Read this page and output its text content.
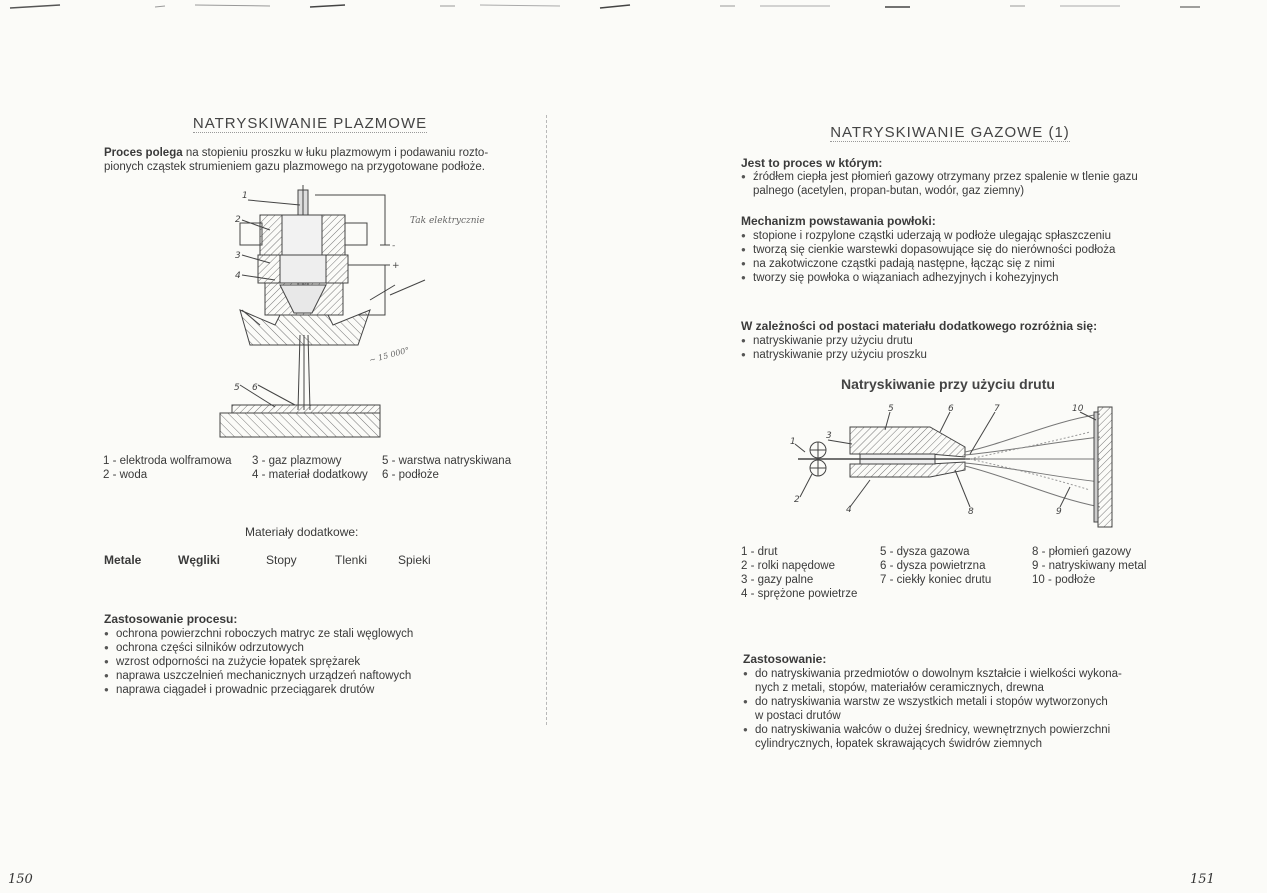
NATRYSKIWANIE PLAZMOWE
Proces polega na stopieniu proszku w łuku plazmowym i podawaniu rozto-
pionych cząstek strumieniem gazu plazmowego na przygotowane podłoże.
1
2
3
4
5 6
+
-
Tak elektrycznie
~ 15 000°
1 - elektroda wolframowa
2 - woda
3 - gaz plazmowy
4 - materiał dodatkowy
5 - warstwa natryskiwana
6 - podłoże
Materiały dodatkowe:
Metale	Węgliki	Stopy	Tlenki	Spieki
Zastosowanie procesu:
● ochrona powierzchni roboczych matryc ze stali węglowych
● ochrona części silników odrzutowych
● wzrost odporności na zużycie łopatek sprężarek
● naprawa uszczelnień mechanicznych urządzeń naftowych
● naprawa ciągadeł i prowadnic przeciągarek drutów
NATRYSKIWANIE GAZOWE (1)
Jest to proces w którym:
● źródłem ciepła jest płomień gazowy otrzymany przez spalenie w tlenie gazu
palnego (acetylen, propan-butan, wodór, gaz ziemny)
Mechanizm powstawania powłoki:
● stopione i rozpylone cząstki uderzają w podłoże ulegając spłaszczeniu
● tworzą się cienkie warstewki dopasowujące się do nierówności podłoża
● na zakotwiczone cząstki padają następne, łącząc się z nimi
● tworzy się powłoka o wiązaniach adhezyjnych i kohezyjnych
W zależności od postaci materiału dodatkowego rozróżnia się:
● natryskiwanie przy użyciu drutu
● natryskiwanie przy użyciu proszku
Natryskiwanie przy użyciu drutu
1
2
3
4
5	6	7
8	9
10
1 - drut
2 - rolki napędowe
3 - gazy palne
4 - sprężone powietrze
5 - dysza gazowa
6 - dysza powietrzna
7 - ciekły koniec drutu
8 - płomień gazowy
9 - natryskiwany metal
10 - podłoże
Zastosowanie:
● do natryskiwania przedmiotów o dowolnym kształcie i wielkości wykona-
nych z metali, stopów, materiałów ceramicznych, drewna
● do natryskiwania warstw ze wszystkich metali i stopów wytworzonych
w postaci drutów
● do natryskiwania wałców o dużej średnicy, wewnętrznych powierzchni
cylindrycznych, łopatek skrawających świdrów ziemnych
150	151
